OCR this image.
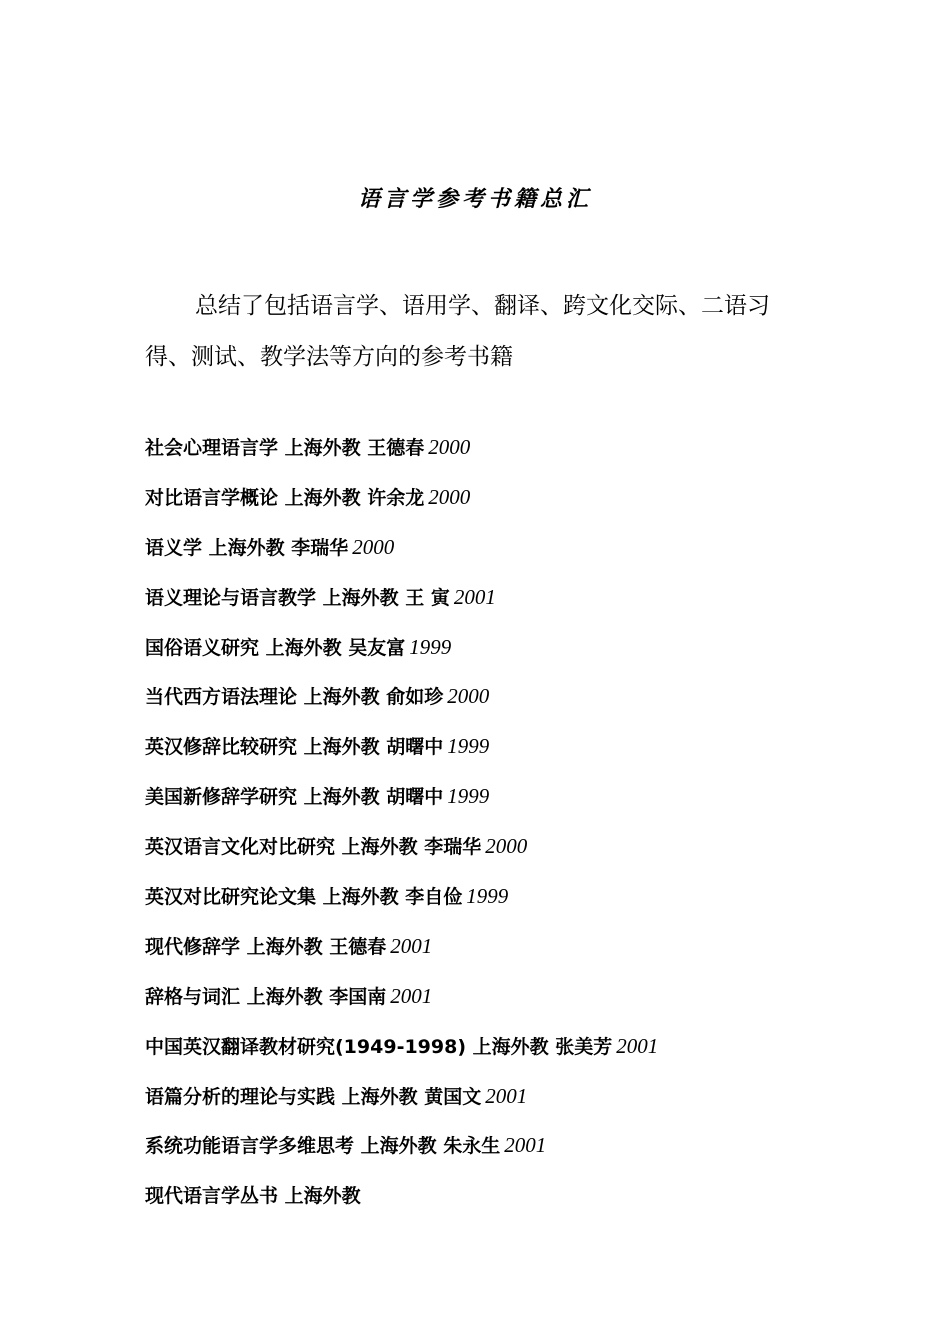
语言学参考书籍总汇
总结了包括语言学、语用学、翻译、跨文化交际、二语习得、测试、教学法等方向的参考书籍
社会心理语言学 上海外教 王德春 2000
对比语言学概论 上海外教 许余龙 2000
语义学 上海外教 李瑞华 2000
语义理论与语言教学 上海外教 王 寅 2001
国俗语义研究 上海外教 吴友富 1999
当代西方语法理论 上海外教 俞如珍 2000
英汉修辞比较研究 上海外教 胡曙中 1999
美国新修辞学研究 上海外教 胡曙中 1999
英汉语言文化对比研究 上海外教 李瑞华 2000
英汉对比研究论文集 上海外教 李自俭 1999
现代修辞学 上海外教 王德春 2001
辞格与词汇 上海外教 李国南 2001
中国英汉翻译教材研究(1949-1998) 上海外教 张美芳 2001
语篇分析的理论与实践 上海外教 黄国文 2001
系统功能语言学多维思考 上海外教 朱永生 2001
现代语言学丛书 上海外教
